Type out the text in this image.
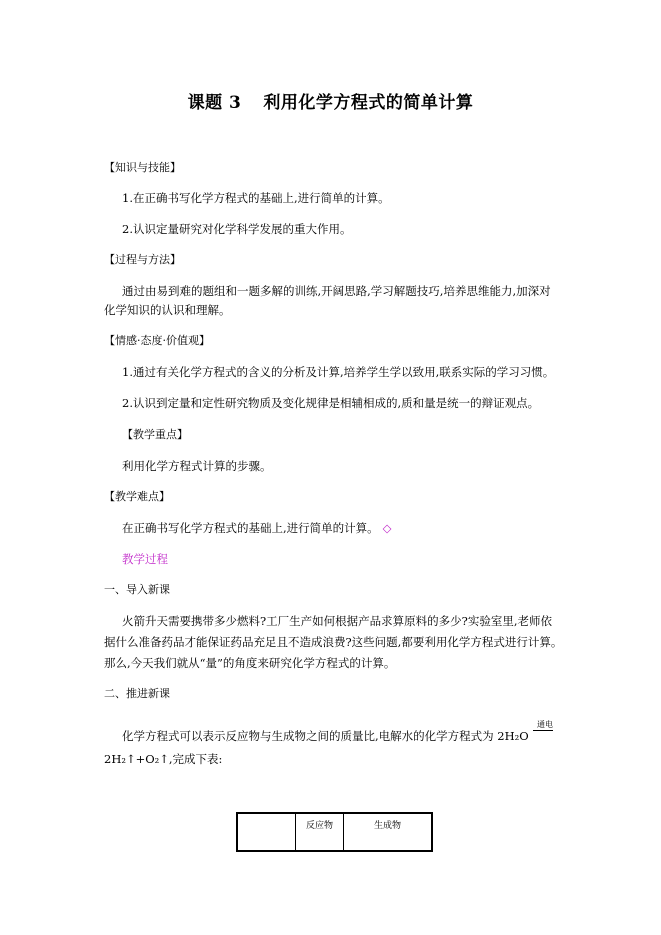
课题 3 利用化学方程式的简单计算
【知识与技能】
1.在正确书写化学方程式的基础上,进行简单的计算。
2.认识定量研究对化学科学发展的重大作用。
【过程与方法】
通过由易到难的题组和一题多解的训练,开阔思路,学习解题技巧,培养思维能力,加深对
化学知识的认识和理解。
【情感·态度·价值观】
1.通过有关化学方程式的含义的分析及计算,培养学生学以致用,联系实际的学习习惯。
2.认识到定量和定性研究物质及变化规律是相辅相成的,质和量是统一的辩证观点。
【教学重点】
利用化学方程式计算的步骤。
【教学难点】
在正确书写化学方程式的基础上,进行简单的计算。 ◇
教学过程
一、导入新课
火箭升天需要携带多少燃料?工厂生产如何根据产品求算原料的多少?实验室里,老师依
据什么准备药品才能保证药品充足且不造成浪费?这些问题,都要利用化学方程式进行计算。
那么,今天我们就从“量”的角度来研究化学方程式的计算。
二、推进新课
化学方程式可以表示反应物与生成物之间的质量比,电解水的化学方程式为 2H₂O
通电
2H₂↑+O₂↑,完成下表:
	反应物	生成物
